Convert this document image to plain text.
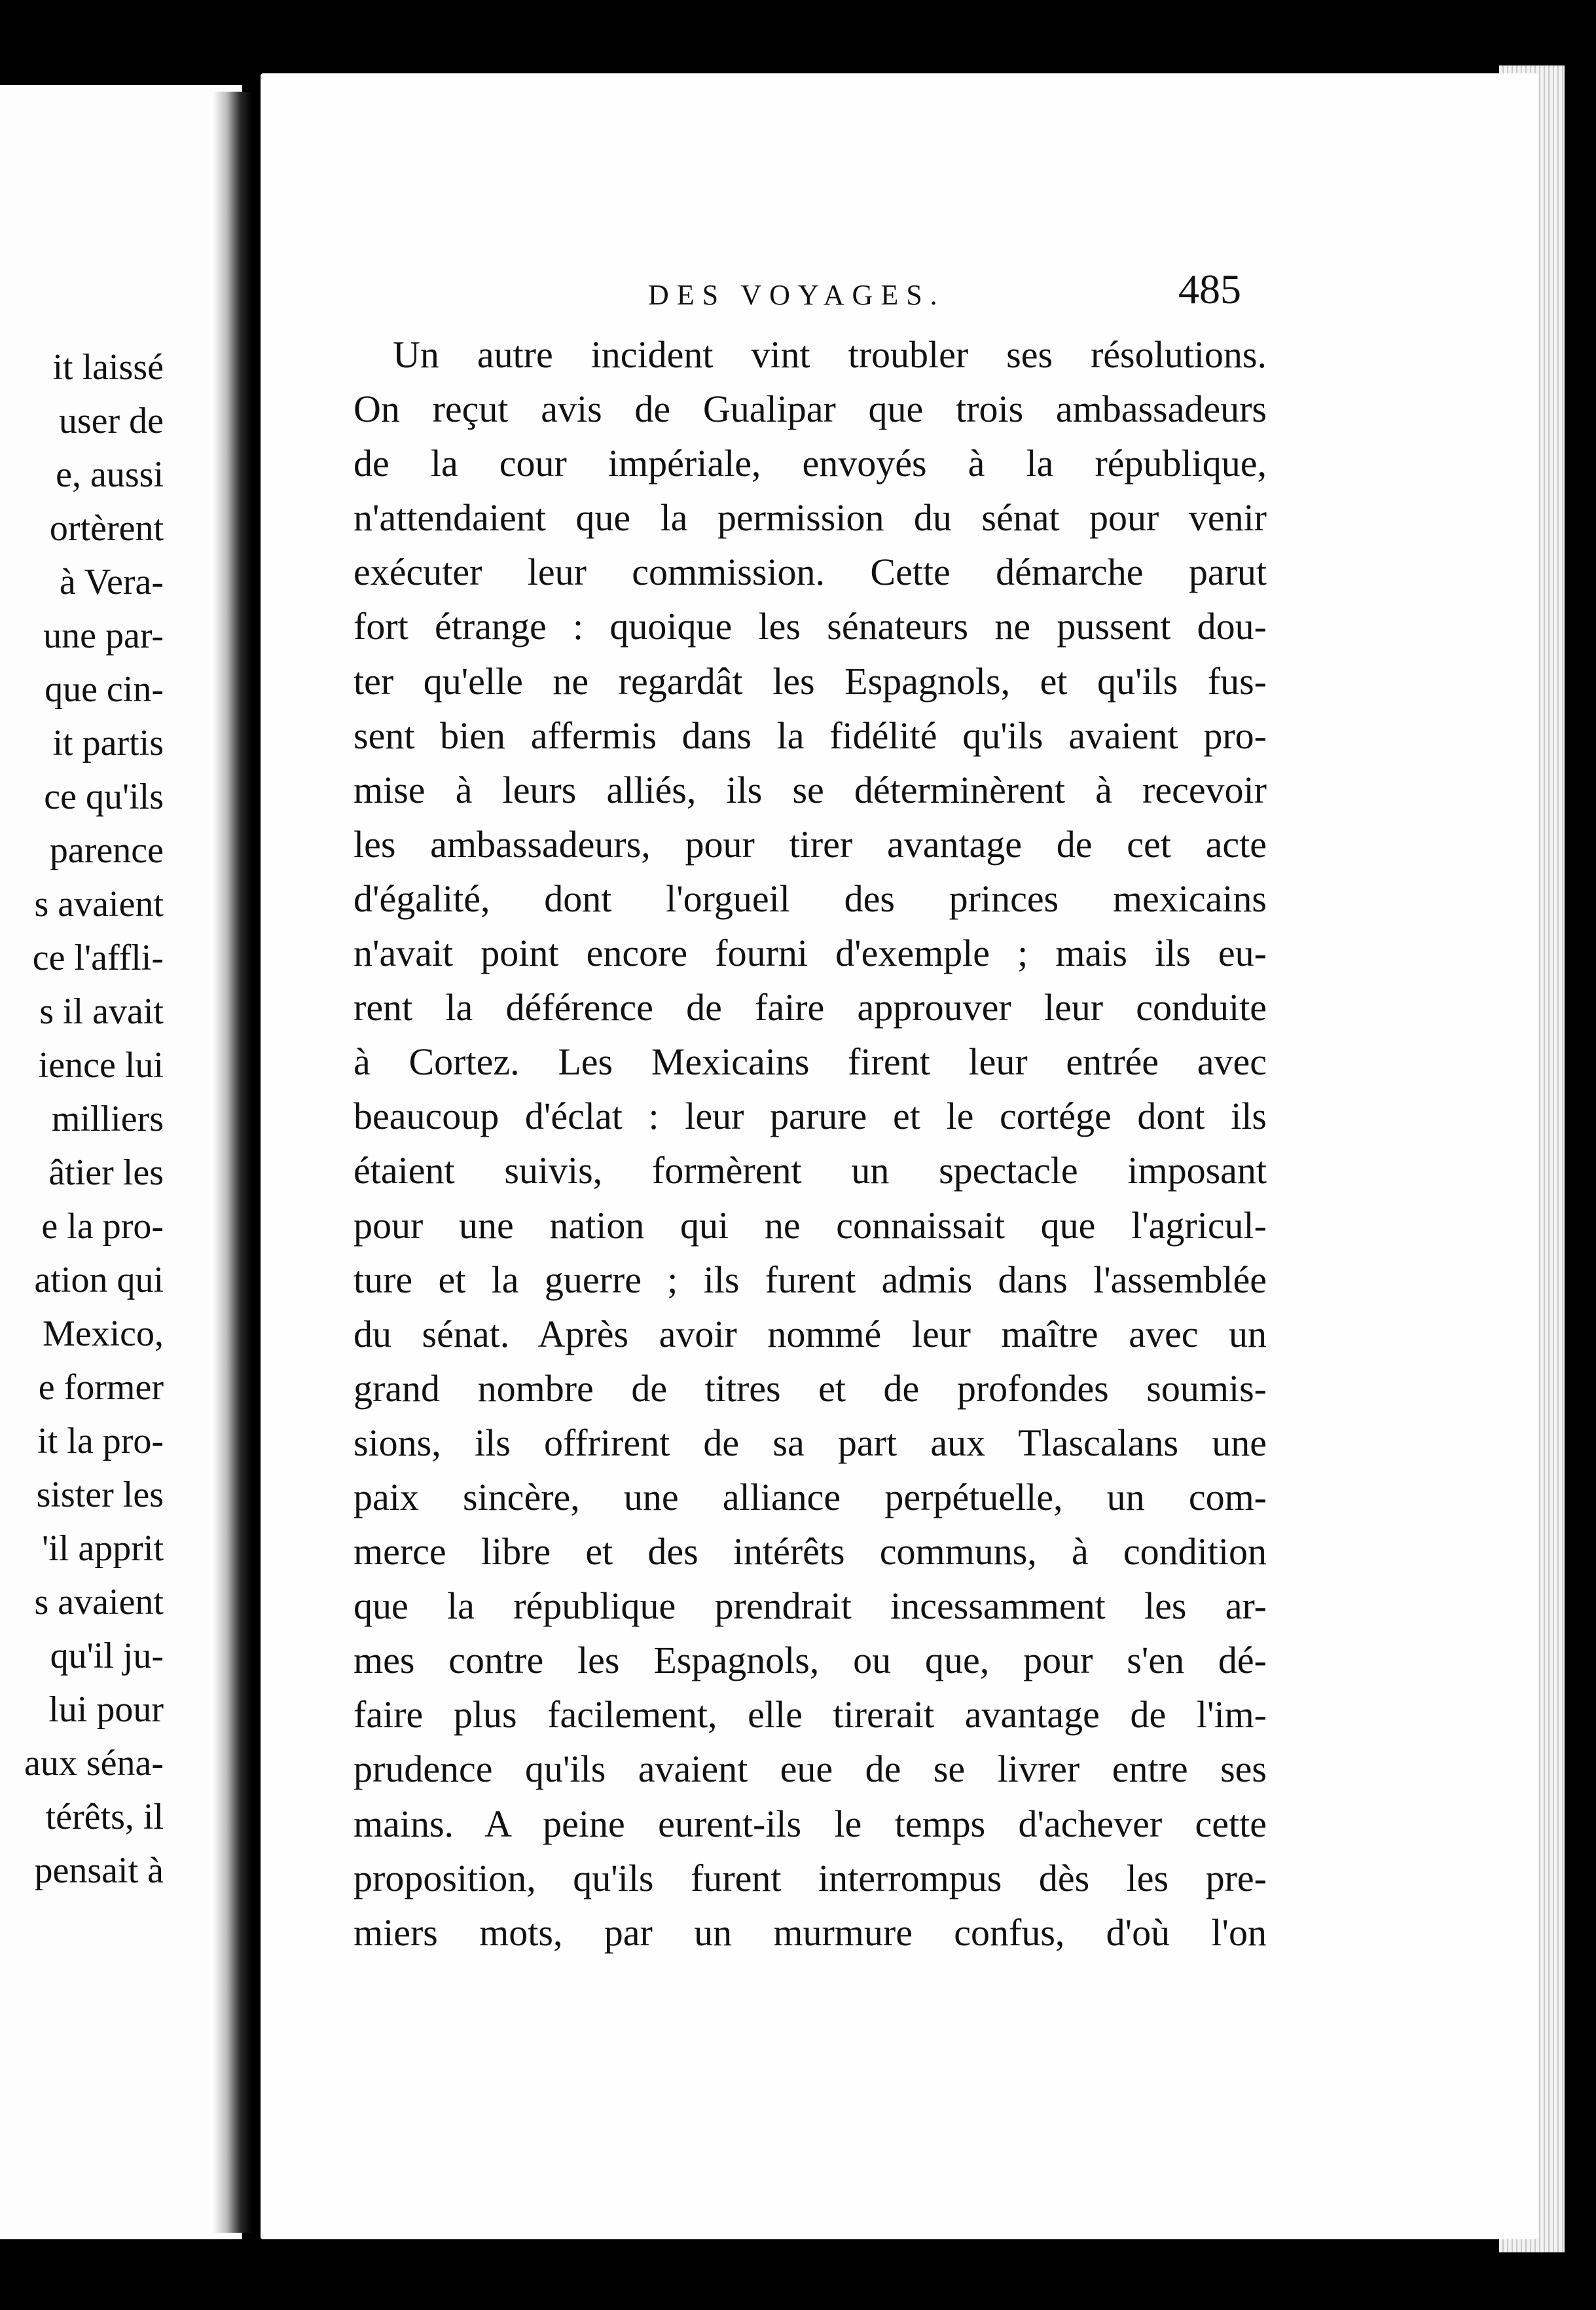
it laissé
user de
e, aussi
ortèrent
à Vera-
une par-
que cin-
it partis
ce qu'ils
parence
s avaient
ce l'affli-
s il avait
ience lui
milliers
âtier les
e la pro-
ation qui
Mexico,
e former
it la pro-
sister les
'il apprit
s avaient
qu'il ju-
lui pour
aux séna-
térêts, il
pensait à
DES VOYAGES.	485
Un autre incident vint troubler ses résolutions.
On reçut avis de Gualipar que trois ambassadeurs
de la cour impériale, envoyés à la république,
n'attendaient que la permission du sénat pour venir
exécuter leur commission. Cette démarche parut
fort étrange : quoique les sénateurs ne pussent dou-
ter qu'elle ne regardât les Espagnols, et qu'ils fus-
sent bien affermis dans la fidélité qu'ils avaient pro-
mise à leurs alliés, ils se déterminèrent à recevoir
les ambassadeurs, pour tirer avantage de cet acte
d'égalité, dont l'orgueil des princes mexicains
n'avait point encore fourni d'exemple ; mais ils eu-
rent la déférence de faire approuver leur conduite
à Cortez. Les Mexicains firent leur entrée avec
beaucoup d'éclat : leur parure et le cortége dont ils
étaient suivis, formèrent un spectacle imposant
pour une nation qui ne connaissait que l'agricul-
ture et la guerre ; ils furent admis dans l'assemblée
du sénat. Après avoir nommé leur maître avec un
grand nombre de titres et de profondes soumis-
sions, ils offrirent de sa part aux Tlascalans une
paix sincère, une alliance perpétuelle, un com-
merce libre et des intérêts communs, à condition
que la république prendrait incessamment les ar-
mes contre les Espagnols, ou que, pour s'en dé-
faire plus facilement, elle tirerait avantage de l'im-
prudence qu'ils avaient eue de se livrer entre ses
mains. A peine eurent-ils le temps d'achever cette
proposition, qu'ils furent interrompus dès les pre-
miers mots, par un murmure confus, d'où l'on
